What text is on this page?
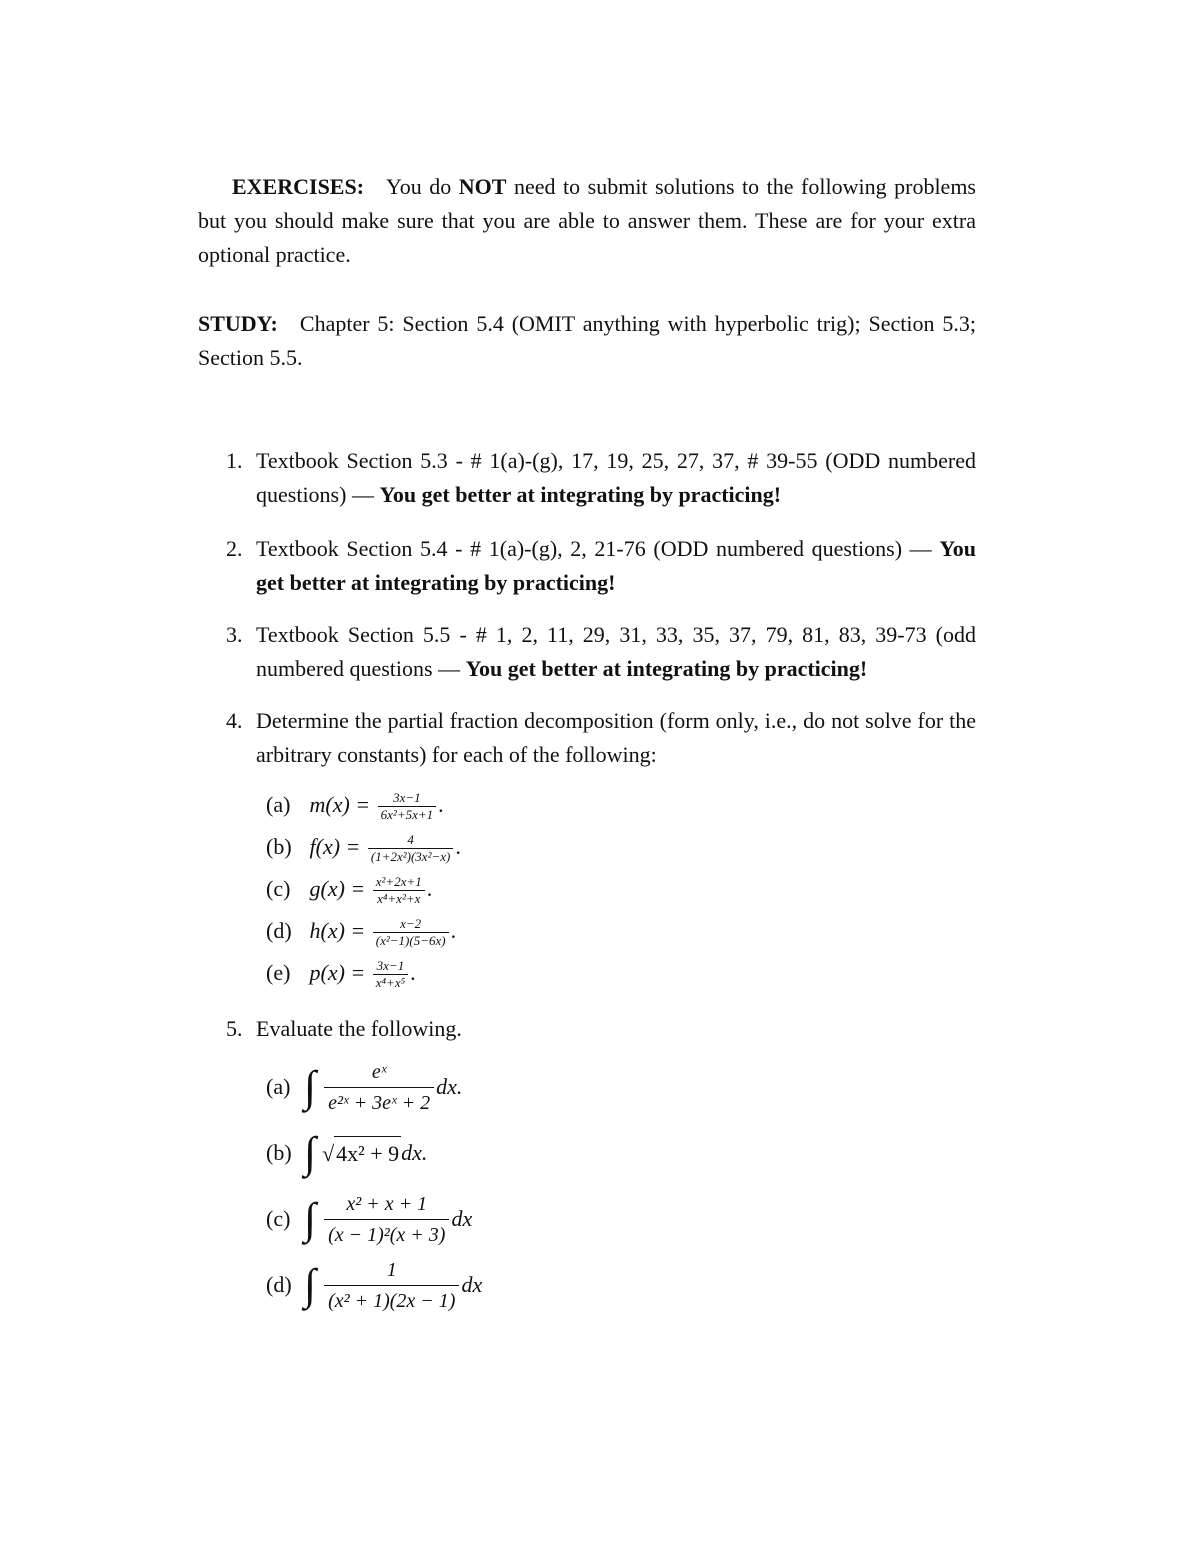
EXERCISES: You do NOT need to submit solutions to the following problems but you should make sure that you are able to answer them. These are for your extra optional practice.
STUDY: Chapter 5: Section 5.4 (OMIT anything with hyperbolic trig); Section 5.3; Section 5.5.
1. Textbook Section 5.3 - # 1(a)-(g), 17, 19, 25, 27, 37, # 39-55 (ODD numbered questions) — You get better at integrating by practicing!
2. Textbook Section 5.4 - # 1(a)-(g), 2, 21-76 (ODD numbered questions) — You get better at integrating by practicing!
3. Textbook Section 5.5 - # 1, 2, 11, 29, 31, 33, 35, 37, 79, 81, 83, 39-73 (odd numbered questions — You get better at integrating by practicing!
4. Determine the partial fraction decomposition (form only, i.e., do not solve for the arbitrary constants) for each of the following:
(a) $m(x) = \frac{3x-1}{\text{6x²+5x+1}}$ .
(b) $f(x) = \frac{4}{\text{(1+2x²)(3x²−x)}}$ .
(c) $g(x) = \frac{\text{x²+2x+1}}{\text{x⁴+x²+x}}$ .
(d) $h(x) = \frac{x-2}{\text{(x²−1)(5−6x)}}$ .
(e) $p(x) = \frac{3x-1}{\text{x⁴+x⁵}}$ .
5. Evaluate the following.
(a) ∫ $\frac{\text{eˣ}}{\text{e²ˣ + 3eˣ + 2}}$ dx.
(b) ∫ √4x² + 9 dx.
(c) ∫ $\frac{\text{x² + x + 1}}{\text{(x − 1)²(x + 3)}}$ dx
(d) ∫ $\frac{1}{\text{(x² + 1)(2x − 1)}}$ dx
